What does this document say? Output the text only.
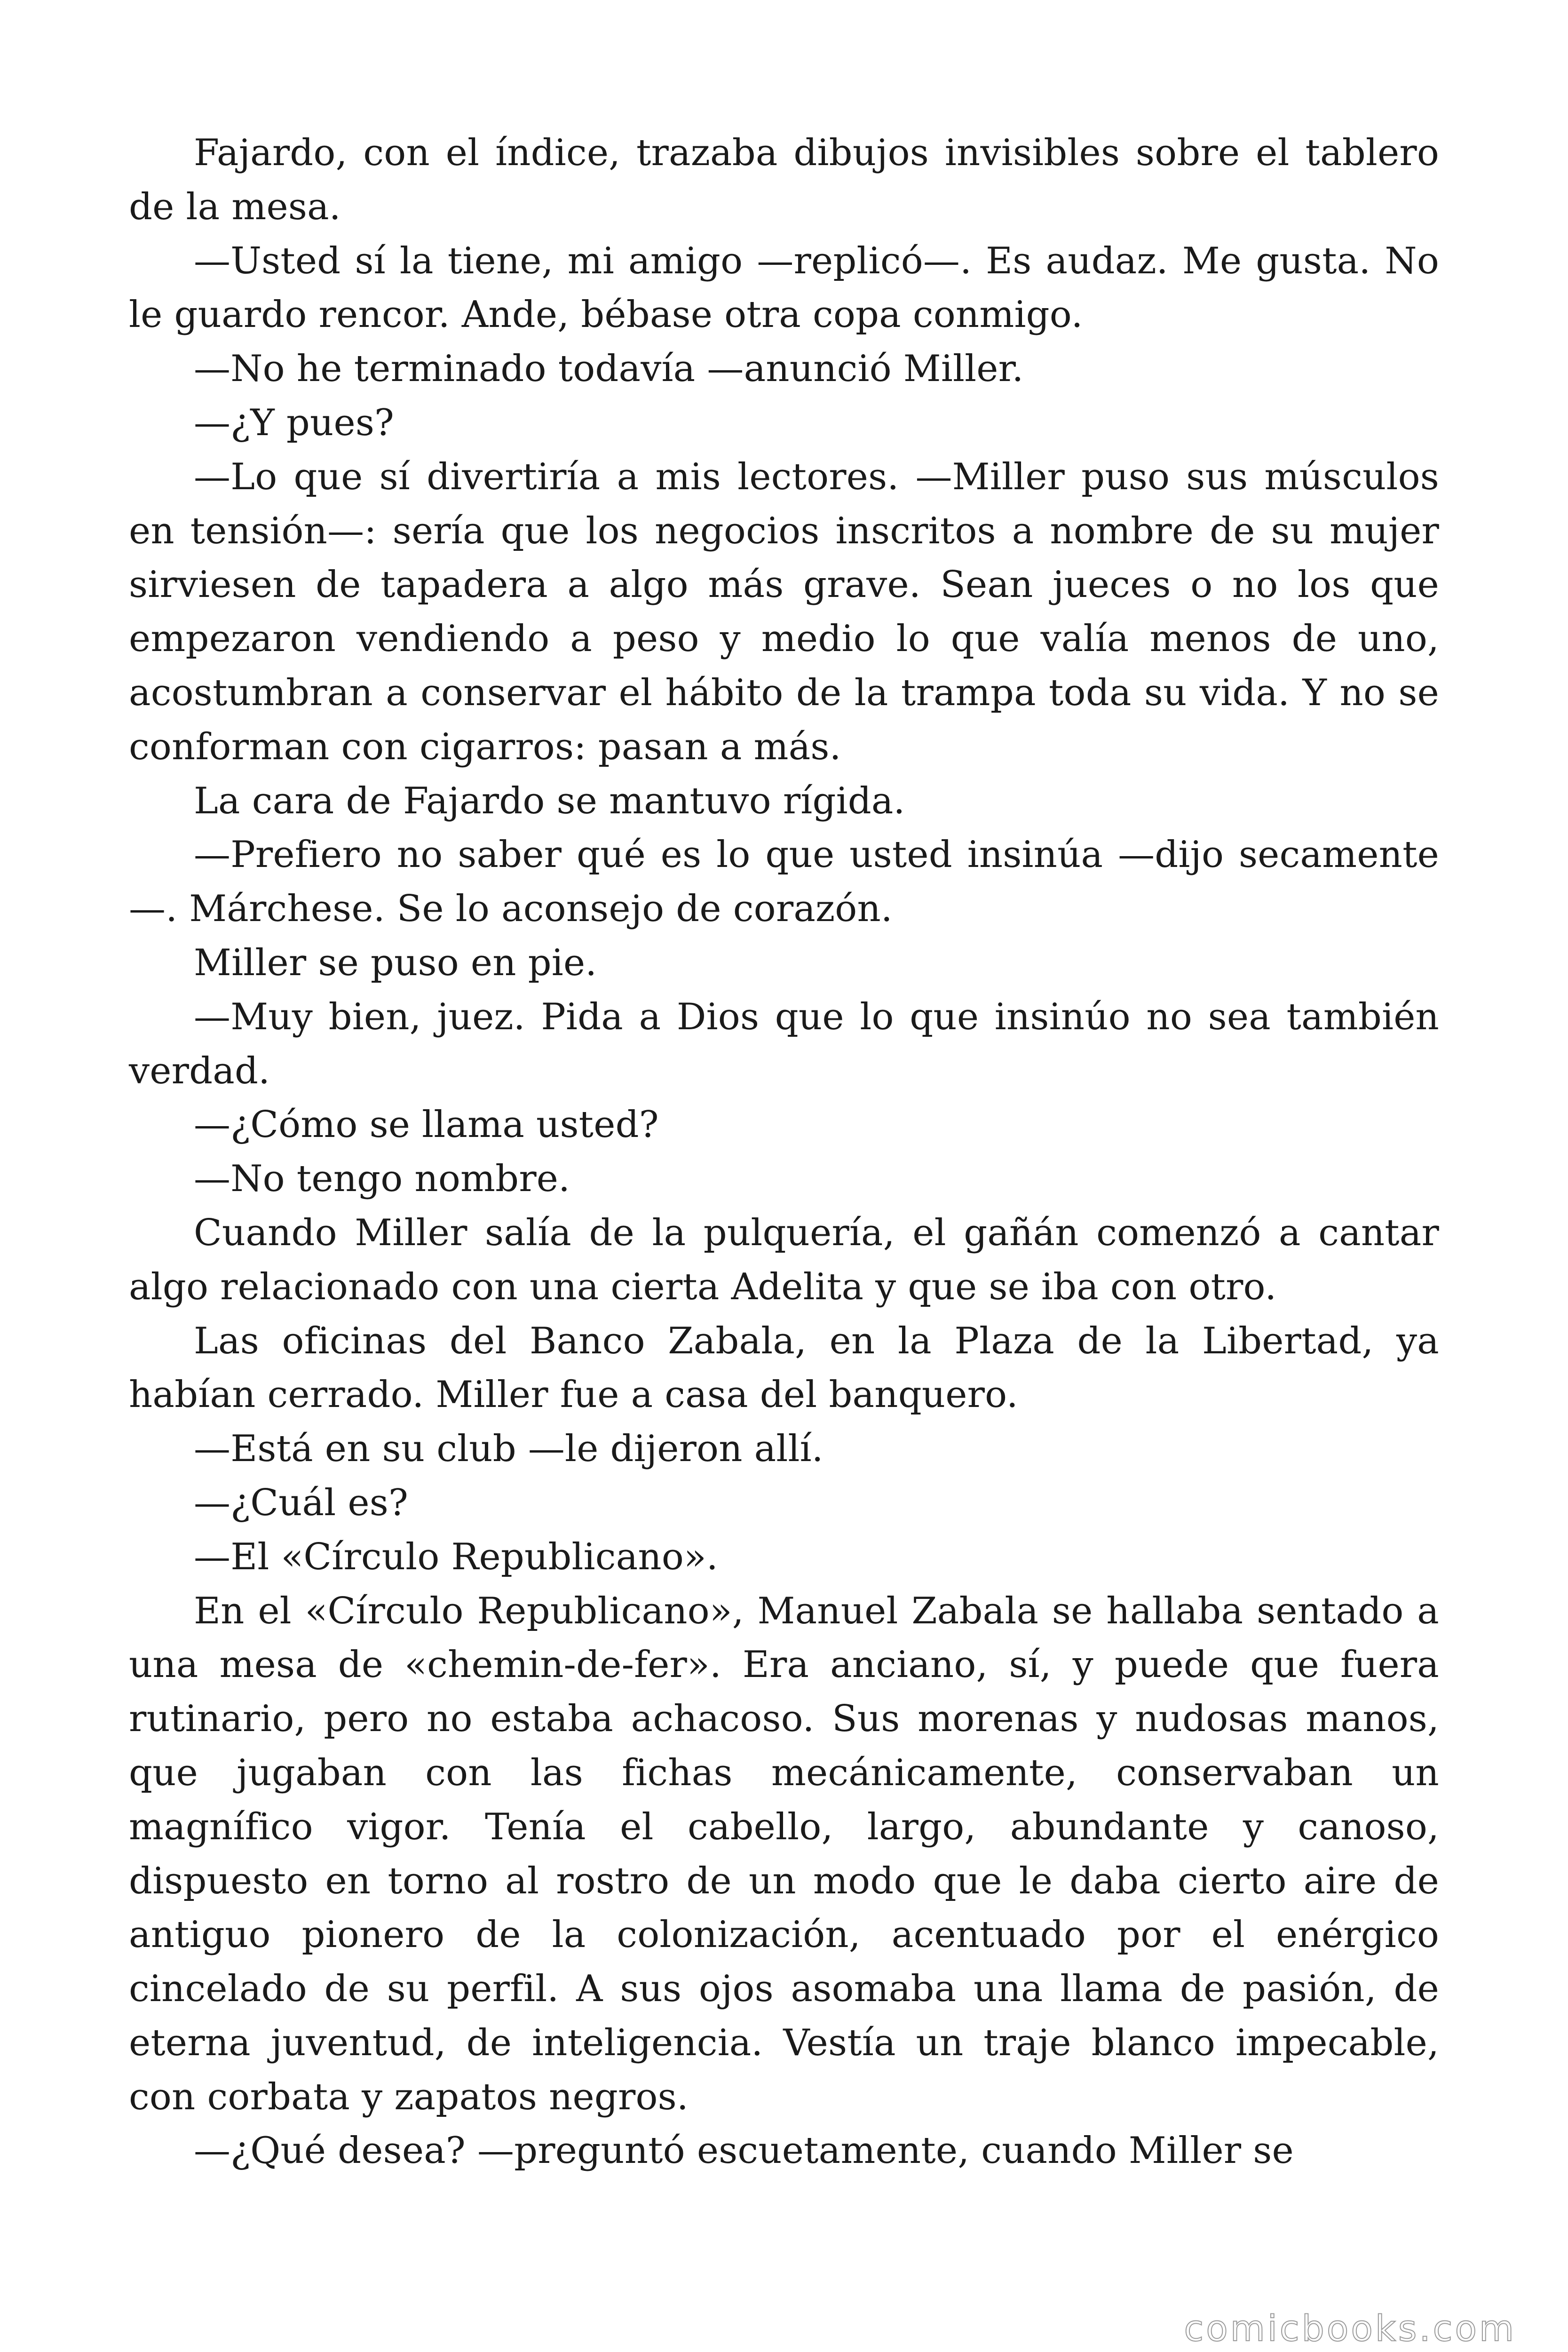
Fajardo, con el índice, trazaba dibujos invisibles sobre el tablero de la mesa.

—Usted sí la tiene, mi amigo —replicó—. Es audaz. Me gusta. No le guardo rencor. Ande, bébase otra copa conmigo.

—No he terminado todavía —anunció Miller.

—¿Y pues?

—Lo que sí divertiría a mis lectores. —Miller puso sus músculos en tensión—: sería que los negocios inscritos a nombre de su mujer sirviesen de tapadera a algo más grave. Sean jueces o no los que empezaron vendiendo a peso y medio lo que valía menos de uno, acostumbran a conservar el hábito de la trampa toda su vida. Y no se conforman con cigarros: pasan a más.

La cara de Fajardo se mantuvo rígida.

—Prefiero no saber qué es lo que usted insinúa —dijo secamente —. Márchese. Se lo aconsejo de corazón.

Miller se puso en pie.

—Muy bien, juez. Pida a Dios que lo que insinúo no sea también verdad.

—¿Cómo se llama usted?

—No tengo nombre.

Cuando Miller salía de la pulquería, el gañán comenzó a cantar algo relacionado con una cierta Adelita y que se iba con otro.

Las oficinas del Banco Zabala, en la Plaza de la Libertad, ya habían cerrado. Miller fue a casa del banquero.

—Está en su club —le dijeron allí.

—¿Cuál es?

—El «Círculo Republicano».

En el «Círculo Republicano», Manuel Zabala se hallaba sentado a una mesa de «chemin-de-fer». Era anciano, sí, y puede que fuera rutinario, pero no estaba achacoso. Sus morenas y nudosas manos, que jugaban con las fichas mecánicamente, conservaban un magnífico vigor. Tenía el cabello, largo, abundante y canoso, dispuesto en torno al rostro de un modo que le daba cierto aire de antiguo pionero de la colonización, acentuado por el enérgico cincelado de su perfil. A sus ojos asomaba una llama de pasión, de eterna juventud, de inteligencia. Vestía un traje blanco impecable, con corbata y zapatos negros.

—¿Qué desea? —preguntó escuetamente, cuando Miller se

comicbooks.com
